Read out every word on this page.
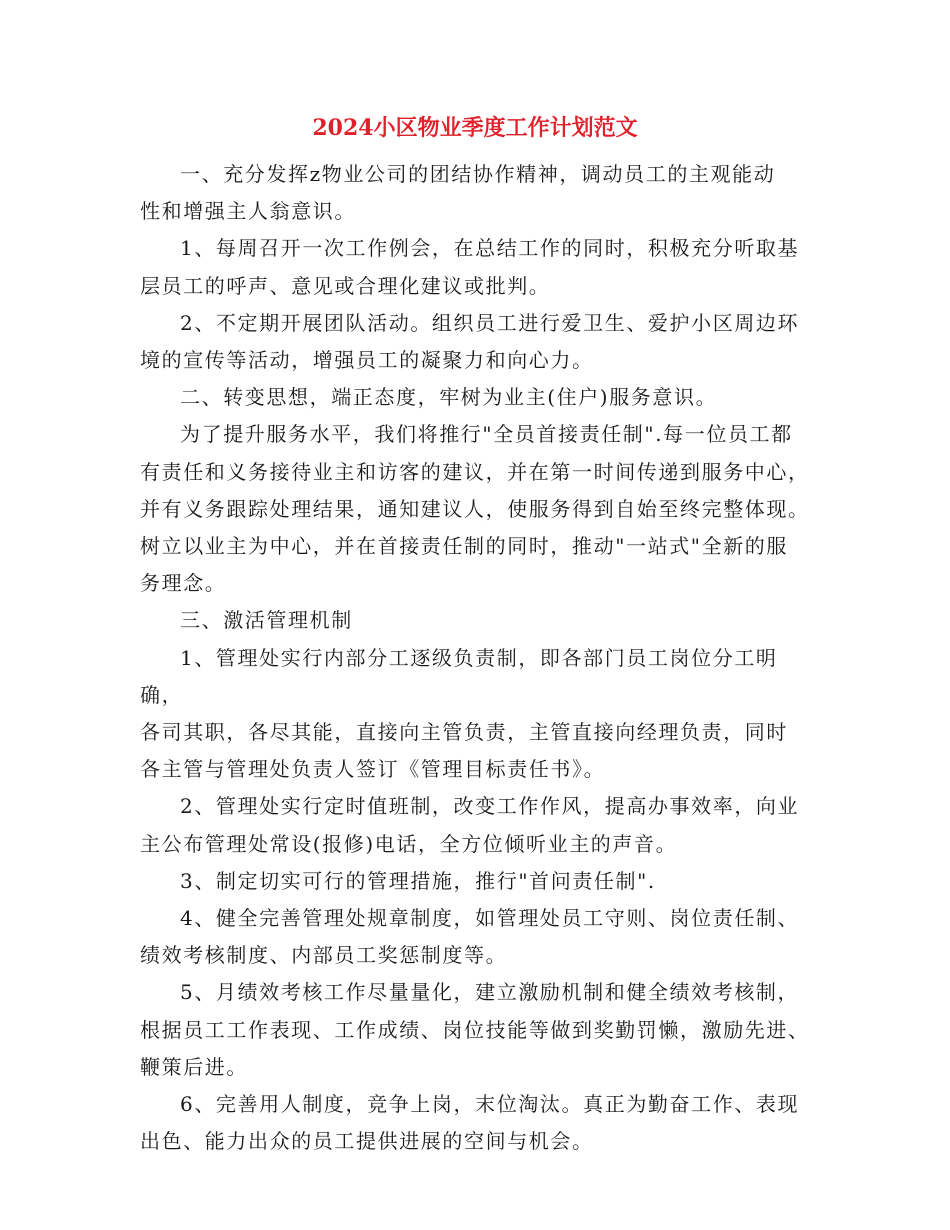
2024小区物业季度工作计划范文

一、充分发挥z物业公司的团结协作精神，调动员工的主观能动
性和增强主人翁意识。

1、每周召开一次工作例会，在总结工作的同时，积极充分听取基
层员工的呼声、意见或合理化建议或批判。

2、不定期开展团队活动。组织员工进行爱卫生、爱护小区周边环
境的宣传等活动，增强员工的凝聚力和向心力。

二、转变思想，端正态度，牢树为业主(住户)服务意识。

为了提升服务水平，我们将推行"全员首接责任制".每一位员工都
有责任和义务接待业主和访客的建议，并在第一时间传递到服务中心，
并有义务跟踪处理结果，通知建议人，使服务得到自始至终完整体现。
树立以业主为中心，并在首接责任制的同时，推动"一站式"全新的服
务理念。

三、激活管理机制

1、管理处实行内部分工逐级负责制，即各部门员工岗位分工明确，
各司其职，各尽其能，直接向主管负责，主管直接向经理负责，同时
各主管与管理处负责人签订《管理目标责任书》。

2、管理处实行定时值班制，改变工作作风，提高办事效率，向业
主公布管理处常设(报修)电话，全方位倾听业主的声音。

3、制定切实可行的管理措施，推行"首问责任制".

4、健全完善管理处规章制度，如管理处员工守则、岗位责任制、
绩效考核制度、内部员工奖惩制度等。

5、月绩效考核工作尽量量化，建立激励机制和健全绩效考核制，
根据员工工作表现、工作成绩、岗位技能等做到奖勤罚懒，激励先进、
鞭策后进。

6、完善用人制度，竞争上岗，末位淘汰。真正为勤奋工作、表现
出色、能力出众的员工提供进展的空间与机会。
